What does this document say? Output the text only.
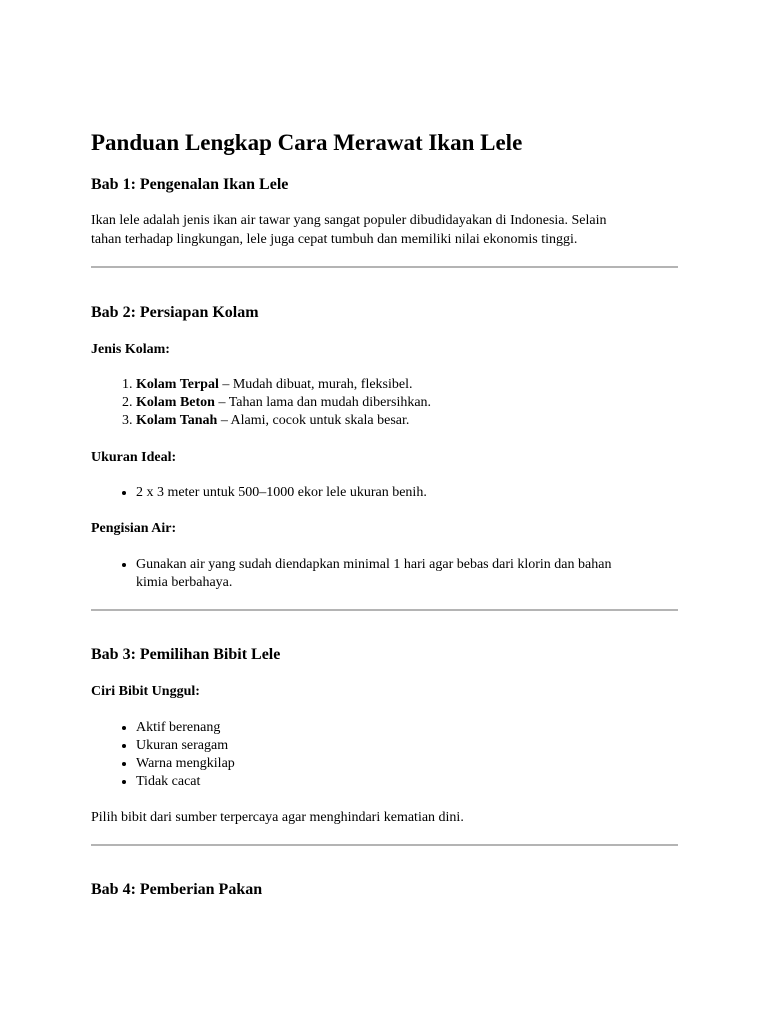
Panduan Lengkap Cara Merawat Ikan Lele
Bab 1: Pengenalan Ikan Lele
Ikan lele adalah jenis ikan air tawar yang sangat populer dibudidayakan di Indonesia. Selain
tahan terhadap lingkungan, lele juga cepat tumbuh dan memiliki nilai ekonomis tinggi.
Bab 2: Persiapan Kolam
Jenis Kolam:
1. Kolam Terpal – Mudah dibuat, murah, fleksibel.
2. Kolam Beton – Tahan lama dan mudah dibersihkan.
3. Kolam Tanah – Alami, cocok untuk skala besar.
Ukuran Ideal:
• 2 x 3 meter untuk 500–1000 ekor lele ukuran benih.
Pengisian Air:
• Gunakan air yang sudah diendapkan minimal 1 hari agar bebas dari klorin dan bahan
kimia berbahaya.
Bab 3: Pemilihan Bibit Lele
Ciri Bibit Unggul:
• Aktif berenang
• Ukuran seragam
• Warna mengkilap
• Tidak cacat
Pilih bibit dari sumber terpercaya agar menghindari kematian dini.
Bab 4: Pemberian Pakan
